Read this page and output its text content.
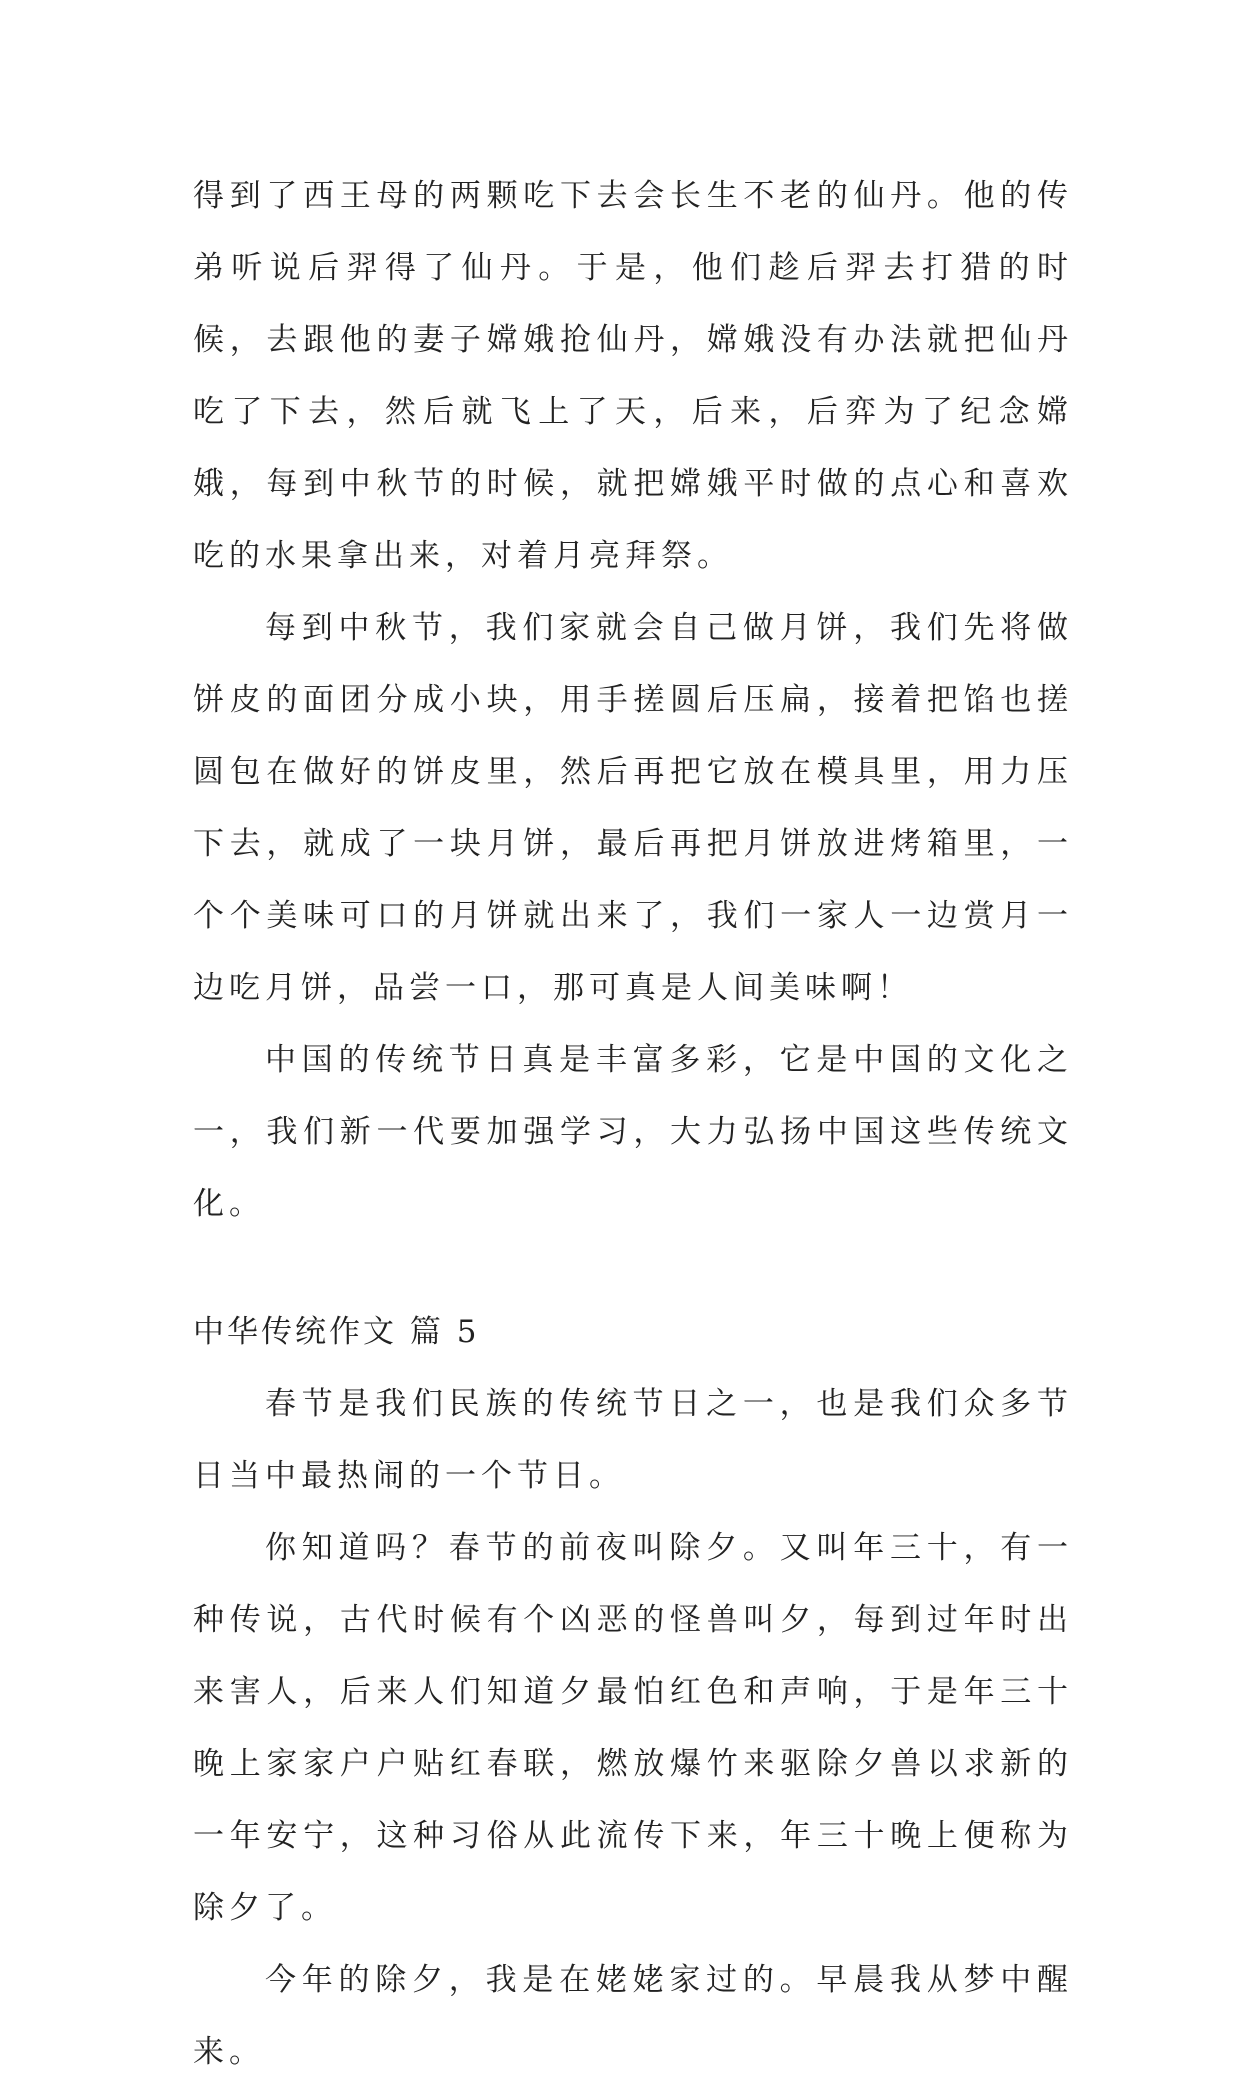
得到了西王母的两颗吃下去会长生不老的仙丹。他的传弟听说后羿得了仙丹。于是，他们趁后羿去打猎的时候，去跟他的妻子嫦娥抢仙丹，嫦娥没有办法就把仙丹吃了下去，然后就飞上了天，后来，后弈为了纪念嫦娥，每到中秋节的时候，就把嫦娥平时做的点心和喜欢吃的水果拿出来，对着月亮拜祭。

每到中秋节，我们家就会自己做月饼，我们先将做饼皮的面团分成小块，用手搓圆后压扁，接着把馅也搓圆包在做好的饼皮里，然后再把它放在模具里，用力压下去，就成了一块月饼，最后再把月饼放进烤箱里，一个个美味可口的月饼就出来了，我们一家人一边赏月一边吃月饼，品尝一口，那可真是人间美味啊！

中国的传统节日真是丰富多彩，它是中国的文化之一，我们新一代要加强学习，大力弘扬中国这些传统文化。

中华传统作文 篇 5

春节是我们民族的传统节日之一，也是我们众多节日当中最热闹的一个节日。

你知道吗？春节的前夜叫除夕。又叫年三十，有一种传说，古代时候有个凶恶的怪兽叫夕，每到过年时出来害人，后来人们知道夕最怕红色和声响，于是年三十晚上家家户户贴红春联，燃放爆竹来驱除夕兽以求新的一年安宁，这种习俗从此流传下来，年三十晚上便称为除夕了。

今年的除夕，我是在姥姥家过的。早晨我从梦中醒来。
